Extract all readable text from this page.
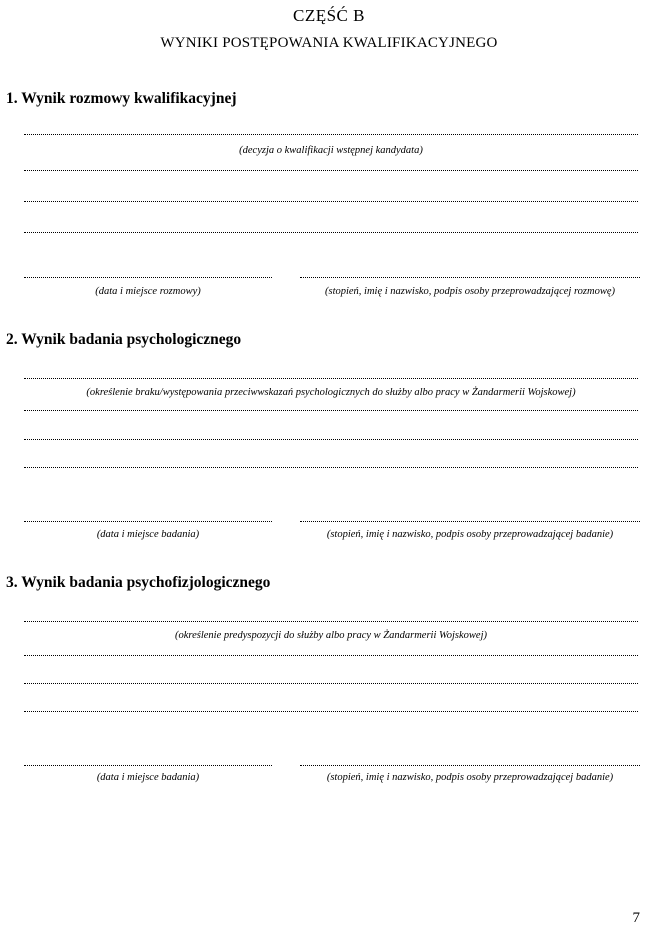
CZĘŚĆ B
WYNIKI POSTĘPOWANIA KWALIFIKACYJNEGO
1. Wynik rozmowy kwalifikacyjnej
(decyzja o kwalifikacji wstępnej kandydata)
(data i miejsce rozmowy)	(stopień, imię i nazwisko, podpis osoby przeprowadzającej rozmowę)
2. Wynik badania psychologicznego
(określenie braku/występowania przeciwwskazań psychologicznych do służby albo pracy w Żandarmerii Wojskowej)
(data i miejsce badania)	(stopień, imię i nazwisko, podpis osoby przeprowadzającej badanie)
3. Wynik badania psychofizjologicznego
(określenie predyspozycji do służby albo pracy w Żandarmerii Wojskowej)
(data i miejsce badania)	(stopień, imię i nazwisko, podpis osoby przeprowadzającej badanie)
7
